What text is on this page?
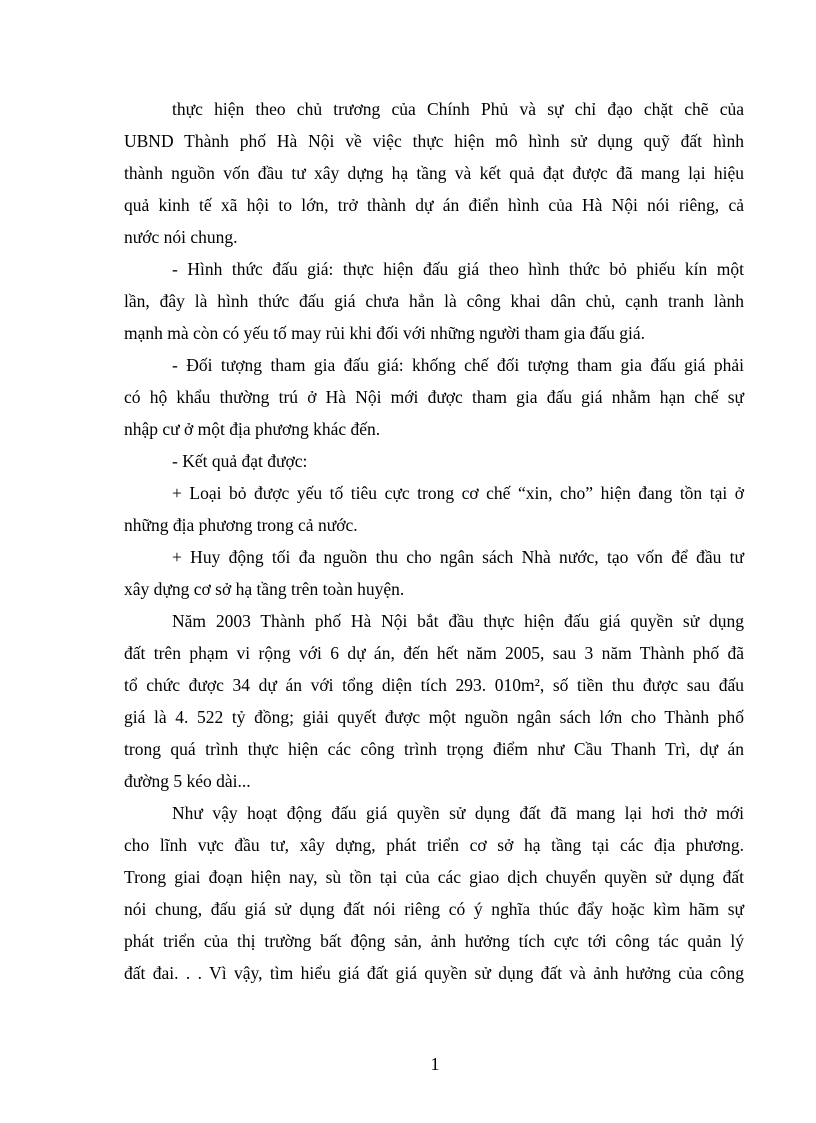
thực hiện theo chủ trương của Chính Phủ và sự chỉ đạo chặt chẽ của
UBND Thành phố Hà Nội về việc thực hiện mô hình sử dụng quỹ đất hình
thành nguồn vốn đầu tư xây dựng hạ tầng và kết quả đạt được đã mang lại hiệu
quả kinh tế xã hội to lớn, trở thành dự án điển hình của Hà Nội nói riêng, cả
nước nói chung.
- Hình thức đấu giá: thực hiện đấu giá theo hình thức bỏ phiếu kín một
lần, đây là hình thức đấu giá chưa hẳn là công khai dân chủ, cạnh tranh lành
mạnh mà còn có yếu tố may rủi khi đối với những người tham gia đấu giá.
- Đối tượng tham gia đấu giá: khống chế đối tượng tham gia đấu giá phải
có hộ khẩu thường trú ở Hà Nội mới được tham gia đấu giá nhằm hạn chế sự
nhập cư ở một địa phương khác đến.
- Kết quả đạt được:
+ Loại bỏ được yếu tố tiêu cực trong cơ chế “xin, cho” hiện đang tồn tại ở
những địa phương trong cả nước.
+ Huy động tối đa nguồn thu cho ngân sách Nhà nước, tạo vốn để đầu tư
xây dựng cơ sở hạ tầng trên toàn huyện.
Năm 2003 Thành phố Hà Nội bắt đầu thực hiện đấu giá quyền sử dụng
đất trên phạm vi rộng với 6 dự án, đến hết năm 2005, sau 3 năm Thành phố đã
tổ chức được 34 dự án với tổng diện tích 293. 010m², số tiền thu được sau đấu
giá là 4. 522 tỷ đồng; giải quyết được một nguồn ngân sách lớn cho Thành phố
trong quá trình thực hiện các công trình trọng điểm như Cầu Thanh Trì, dự án
đường 5 kéo dài...
Như vậy hoạt động đấu giá quyền sử dụng đất đã mang lại hơi thở mới
cho lĩnh vực đầu tư, xây dựng, phát triển cơ sở hạ tầng tại các địa phương.
Trong giai đoạn hiện nay, sù tồn tại của các giao dịch chuyển quyền sử dụng đất
nói chung, đấu giá sử dụng đất nói riêng có ý nghĩa thúc đẩy hoặc kìm hãm sự
phát triển của thị trường bất động sản, ảnh hưởng tích cực tới công tác quản lý
đất đai. . . Vì vậy, tìm hiểu giá đất giá quyền sử dụng đất và ảnh hưởng của công
1
